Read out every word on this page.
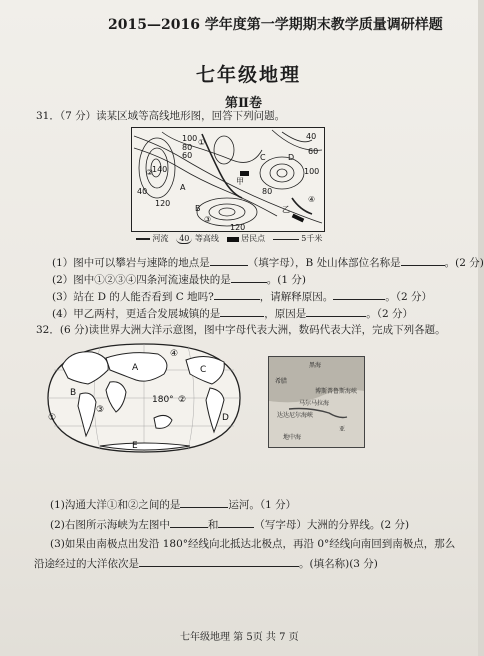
2015—2016 学年度第一学期期末教学质量调研样题
七年级地理
第Ⅱ卷
31．（7 分）读某区域等高线地形图，回答下列问题。
120
140
100
80
60
40
60
80
100
120
40	A
B
C	D
甲
乙
①
②
③
④
河流 40 等高线	居民点	5千米
(1）图中可以攀岩与速降的地点是	（填字母），B 处山体部位名称是	。(2 分)
(2）图中①②③④四条河流速最快的是	。(1 分)
(3）站在 D 的人能否看到 C 地吗?	，请解释原因。	。（2 分）
(4）甲乙两村，更适合发展城镇的是	，原因是	。（2 分）
32．(6 分)读世界大洲大洋示意图，图中字母代表大洲，数码代表大洋，完成下列各题。
A
B
C
D
E
④
③
①
②
180°
黑海
博斯普鲁斯海峡
马尔马拉海
达达尼尔海峡
希腊
地中海
亚
(1)沟通大洋①和②之间的是	运河。（1 分）
(2)右图所示海峡为左图中	和	（写字母）大洲的分界线。(2 分)
(3)如果由南极点出发沿 180°经线向北抵达北极点，再沿 0°经线向南回到南极点，那么
沿途经过的大洋依次是	。(填名称)(3 分)
七年级地理 第 5页 共 7 页
